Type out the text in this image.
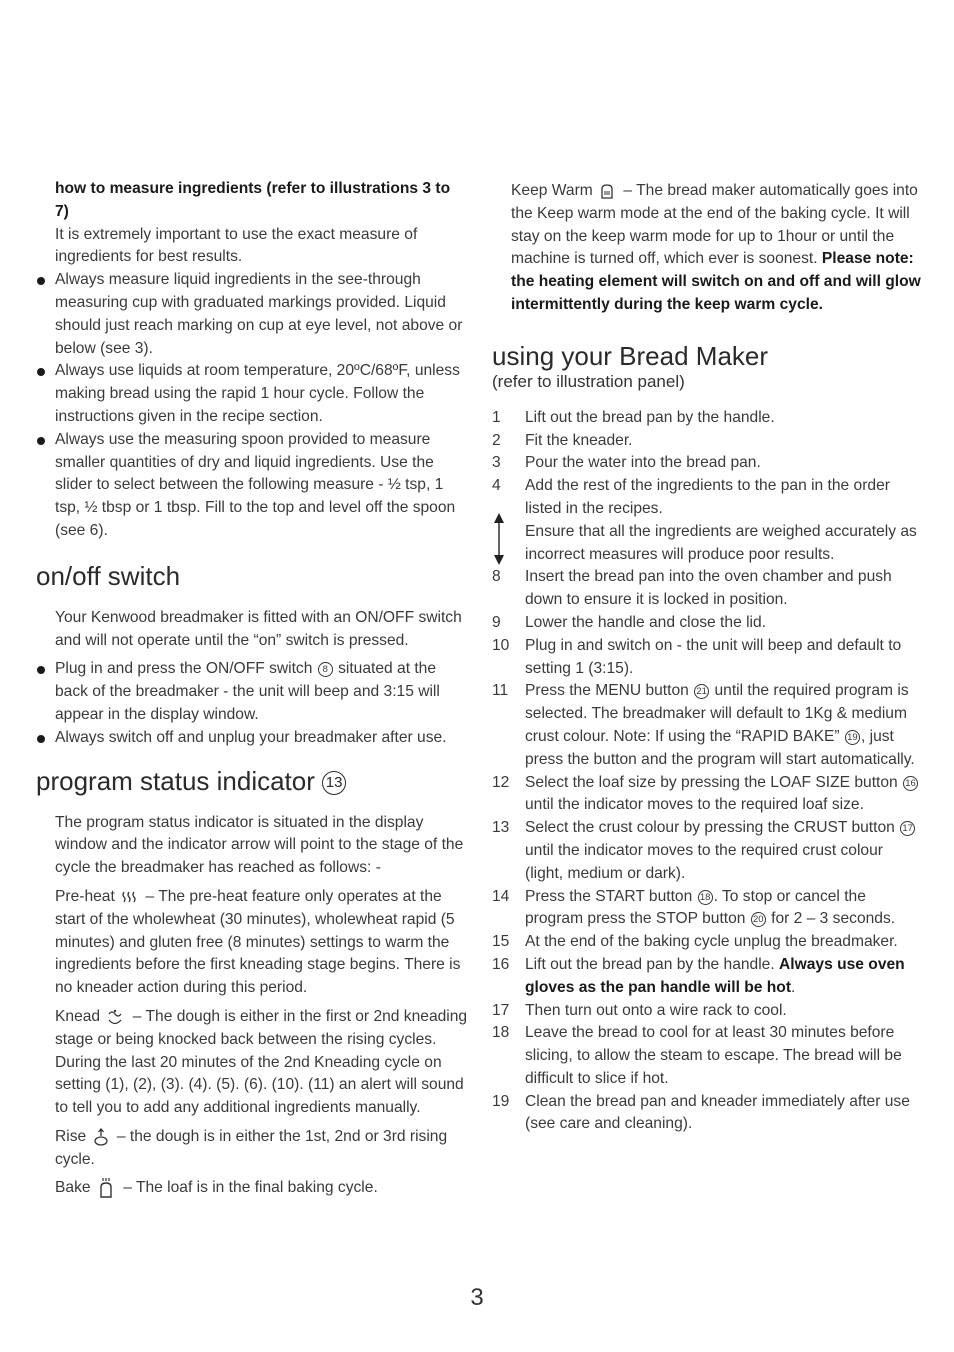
how to measure ingredients (refer to illustrations 3 to 7)

It is extremely important to use the exact measure of ingredients for best results.

Always measure liquid ingredients in the see-through measuring cup with graduated markings provided. Liquid should just reach marking on cup at eye level, not above or below (see 3).
Always use liquids at room temperature, 20ºC/68ºF, unless making bread using the rapid 1 hour cycle. Follow the instructions given in the recipe section.
Always use the measuring spoon provided to measure smaller quantities of dry and liquid ingredients. Use the slider to select between the following measure - ½ tsp, 1 tsp, ½ tbsp or 1 tbsp. Fill to the top and level off the spoon (see 6).
on/off switch

Your Kenwood breadmaker is fitted with an ON/OFF switch and will not operate until the “on” switch is pressed.

Plug in and press the ON/OFF switch 8 situated at the back of the breadmaker - the unit will beep and 3:15 will appear in the display window.
Always switch off and unplug your breadmaker after use.
program status indicator 13

The program status indicator is situated in the display window and the indicator arrow will point to the stage of the cycle the breadmaker has reached as follows: -

Pre-heat  – The pre-heat feature only operates at the start of the wholewheat (30 minutes), wholewheat rapid (5 minutes) and gluten free (8 minutes) settings to warm the ingredients before the first kneading stage begins. There is no kneader action during this period.

Knead  – The dough is either in the first or 2nd kneading stage or being knocked back between the rising cycles. During the last 20 minutes of the 2nd Kneading cycle on setting (1), (2), (3). (4). (5). (6). (10). (11) an alert will sound to tell you to add any additional ingredients manually.

Rise  – the dough is in either the 1st, 2nd or 3rd rising cycle.

Bake  – The loaf is in the final baking cycle.

Keep Warm  – The bread maker automatically goes into the Keep warm mode at the end of the baking cycle. It will stay on the keep warm mode for up to 1hour or until the machine is turned off, which ever is soonest. Please note: the heating element will switch on and off and will glow intermittently during the keep warm cycle.

using your Bread Maker

(refer to illustration panel)

1	Lift out the bread pan by the handle.
2	Fit the kneader.
3	Pour the water into the bread pan.
4	Add the rest of the ingredients to the pan in the order listed in the recipes.
Ensure that all the ingredients are weighed accurately as incorrect measures will produce poor results.
8	Insert the bread pan into the oven chamber and push down to ensure it is locked in position.
9	Lower the handle and close the lid.
10	Plug in and switch on - the unit will beep and default to setting 1 (3:15).
11	Press the MENU button 21 until the required program is selected. The breadmaker will default to 1Kg & medium crust colour. Note: If using the “RAPID BAKE” 19 , just press the button and the program will start automatically.
12	Select the loaf size by pressing the LOAF SIZE button 16 until the indicator moves to the required loaf size.
13	Select the crust colour by pressing the CRUST button 17 until the indicator moves to the required crust colour (light, medium or dark).
14	Press the START button 18 . To stop or cancel the program press the STOP button 20 for 2 – 3 seconds.
15	At the end of the baking cycle unplug the breadmaker.
16	Lift out the bread pan by the handle. Always use oven gloves as the pan handle will be hot.
17	Then turn out onto a wire rack to cool.
18	Leave the bread to cool for at least 30 minutes before slicing, to allow the steam to escape. The bread will be difficult to slice if hot.
19	Clean the bread pan and kneader immediately after use (see care and cleaning).
3
